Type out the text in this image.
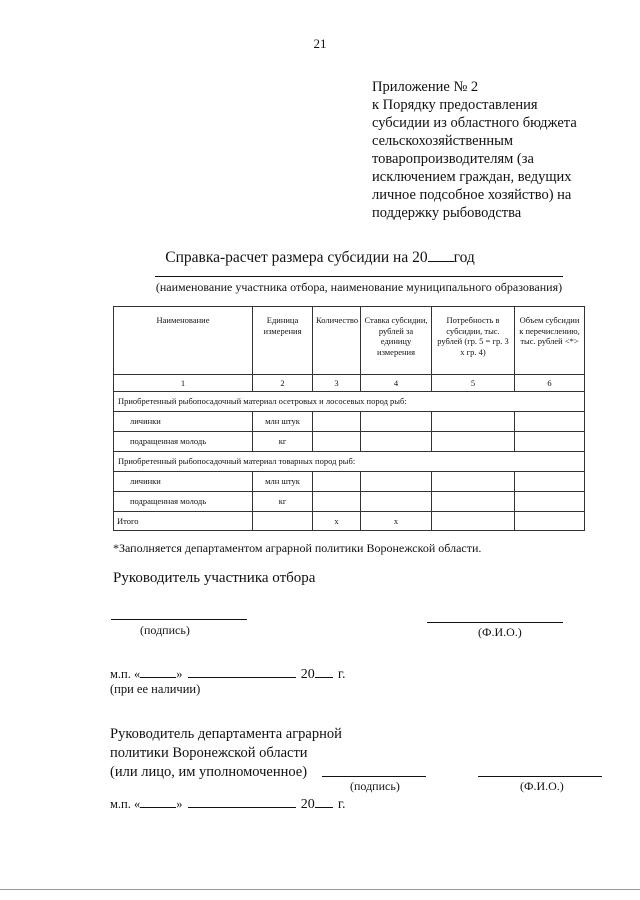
21
Приложение № 2
к Порядку предоставления
субсидии из областного бюджета
сельскохозяйственным
товаропроизводителям (за
исключением граждан, ведущих
личное подсобное хозяйство) на
поддержку рыбоводства
Справка-расчет размера субсидии на 20 год
(наименование участника отбора, наименование муниципального образования)
Наименование	Единица измерения	Количество	Ставка субсидии, рублей за единицу измерения	Потребность в субсидии, тыс. рублей (гр. 5 = гр. 3 х гр. 4)	Объем субсидии к перечислению, тыс. рублей <*>
1	2	3	4	5	6
Приобретенный рыбопосадочный материал осетровых и лососевых пород рыб:					
личинки	млн штук				
подращенная молодь	кг				
Приобретенный рыбопосадочный материал товарных пород рыб:					
личинки	млн штук				
подращенная молодь	кг				
Итого		x	x		
*Заполняется департаментом аграрной политики Воронежской области.
Руководитель участника отбора
(подпись)	(Ф.И.О.)
м.п. «	»	20 г.
(при ее наличии)
Руководитель департамента аграрной
политики Воронежской области
(или лицо, им уполномоченное)
(подпись)	(Ф.И.О.)
м.п. «	»	20 г.
